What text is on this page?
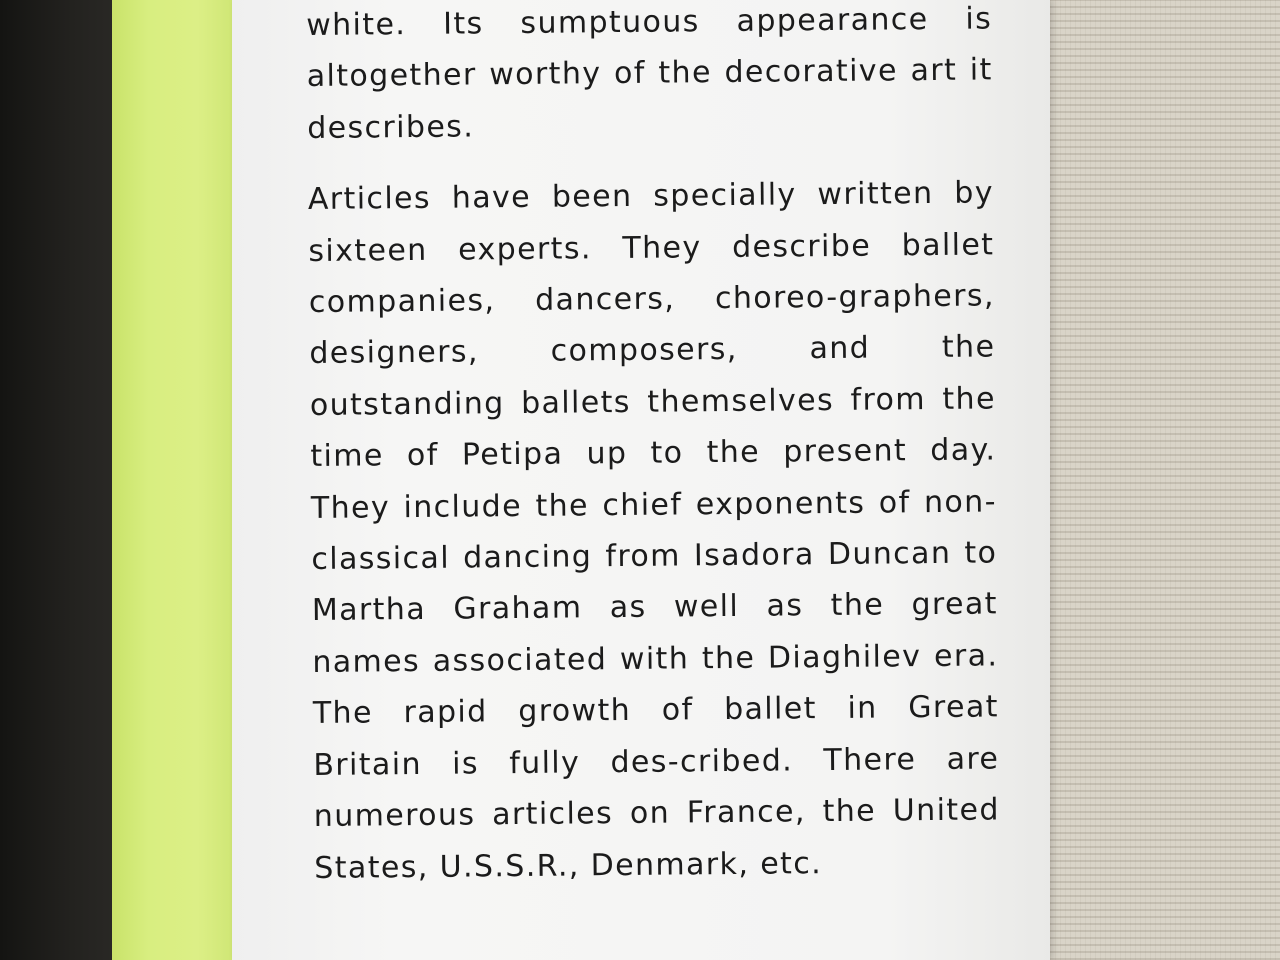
white. Its sumptuous appearance is altogether worthy of the decorative art it describes.

Articles have been specially written by sixteen experts. They describe ballet companies, dancers, choreo-graphers, designers, composers, and the outstanding ballets themselves from the time of Petipa up to the present day. They include the chief exponents of non-classical dancing from Isadora Duncan to Martha Graham as well as the great names associated with the Diaghilev era. The rapid growth of ballet in Great Britain is fully des-cribed. There are numerous articles on France, the United States, U.S.S.R., Denmark, etc.
